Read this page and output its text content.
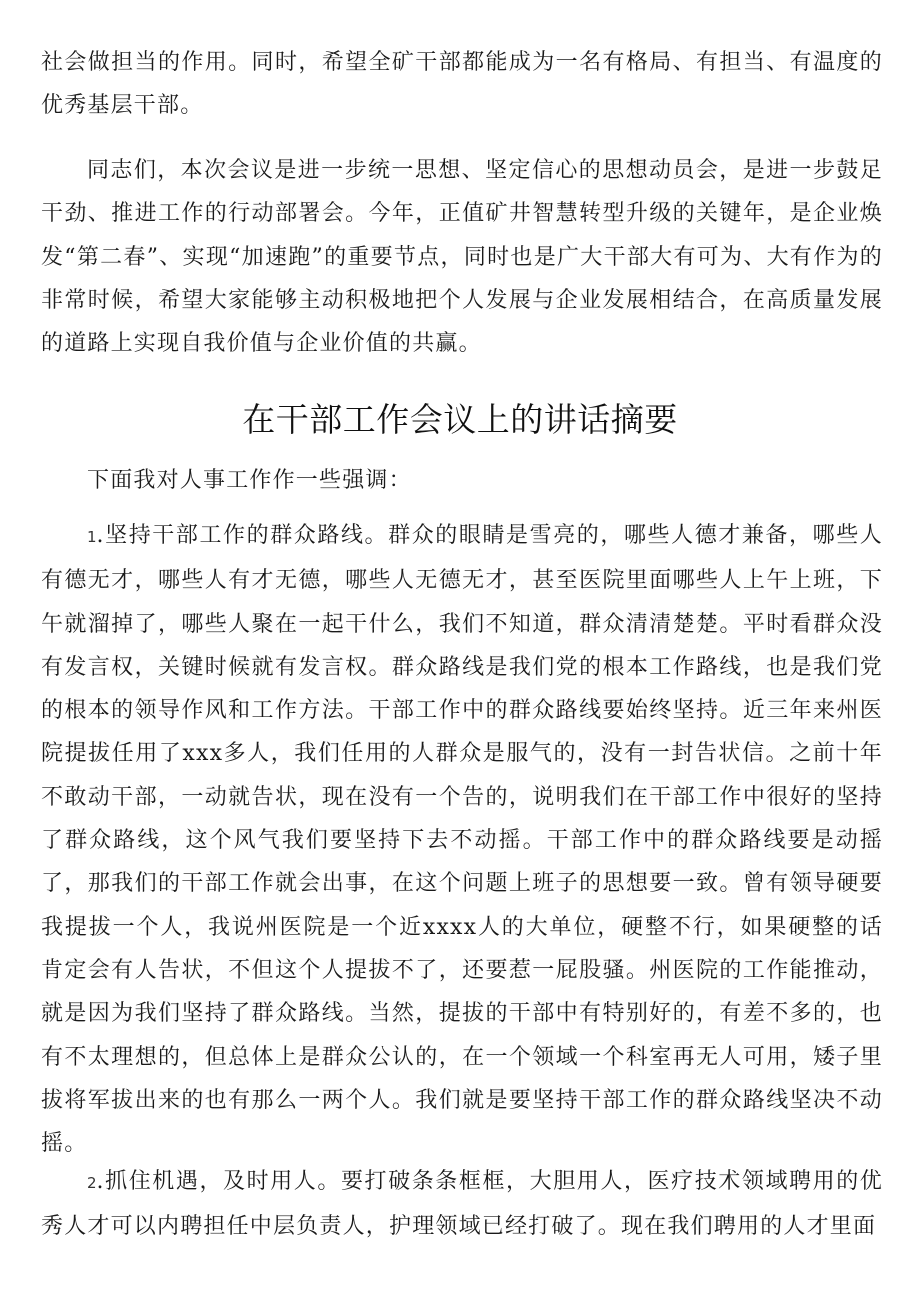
社会做担当的作用。同时，希望全矿干部都能成为一名有格局、有担当、有温度的优秀基层干部。

同志们，本次会议是进一步统一思想、坚定信心的思想动员会，是进一步鼓足干劲、推进工作的行动部署会。今年，正值矿井智慧转型升级的关键年，是企业焕发“第二春”、实现“加速跑”的重要节点，同时也是广大干部大有可为、大有作为的非常时候，希望大家能够主动积极地把个人发展与企业发展相结合，在高质量发展的道路上实现自我价值与企业价值的共赢。

在干部工作会议上的讲话摘要

下面我对人事工作作一些强调：

1.坚持干部工作的群众路线。群众的眼睛是雪亮的，哪些人德才兼备，哪些人有德无才，哪些人有才无德，哪些人无德无才，甚至医院里面哪些人上午上班，下午就溜掉了，哪些人聚在一起干什么，我们不知道，群众清清楚楚。平时看群众没有发言权，关键时候就有发言权。群众路线是我们党的根本工作路线，也是我们党的根本的领导作风和工作方法。干部工作中的群众路线要始终坚持。近三年来州医院提拔任用了xxx多人，我们任用的人群众是服气的，没有一封告状信。之前十年不敢动干部，一动就告状，现在没有一个告的，说明我们在干部工作中很好的坚持了群众路线，这个风气我们要坚持下去不动摇。干部工作中的群众路线要是动摇了，那我们的干部工作就会出事，在这个问题上班子的思想要一致。曾有领导硬要我提拔一个人，我说州医院是一个近xxxx人的大单位，硬整不行，如果硬整的话肯定会有人告状，不但这个人提拔不了，还要惹一屁股骚。州医院的工作能推动，就是因为我们坚持了群众路线。当然，提拔的干部中有特别好的，有差不多的，也有不太理想的，但总体上是群众公认的，在一个领域一个科室再无人可用，矮子里拔将军拔出来的也有那么一两个人。我们就是要坚持干部工作的群众路线坚决不动摇。

2.抓住机遇，及时用人。要打破条条框框，大胆用人，医疗技术领域聘用的优秀人才可以内聘担任中层负责人，护理领域已经打破了。现在我们聘用的人才里面
